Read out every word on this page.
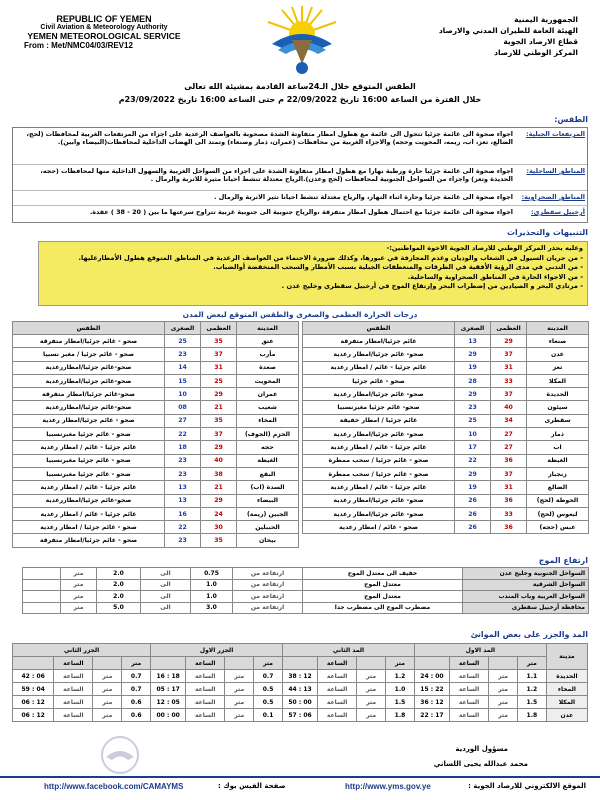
REPUBLIC OF YEMEN
Civil Aviation & Meteorology Authority
YEMEN METEOROLOGICAL SERVICE
From : Met/NMC04/03/REV12
الجمهورية اليمنية
الهيئة العامة للطيران المدني والارصاد
قطاع الارصاد الجوية
المركز الوطني للارصاد
الطقس المتوقع خلال الـ24ساعة القادمة بمشيئة الله تعالى
خلال الفترة من الساعة 16:00 تاريخ 22/09/2022 م حتى الساعة 16:00 تاريخ 23/09/2022م
الطقس:
المرتفعات الجبلية:
اجواء صحوة الى غائمة جزئيا تتحول الى غائمة مع هطول امطار متفاوتة الشدة مصحوبة بالعواصف الرعدية على اجزاء من المرتفعات الغربية لمحافظات (لحج، الضالع، تعز، اب، ريمه، المحويت وحجه) والاجزاء الغربية من محافظات (عمران، ذمار وصنعاء) وتمتد الى الهضاب الداخلية لمحافظات(البيضاء وابين).
المناطق الساحلية:
اجواء صحوة الى غائمة جزئيا حارة ورطبة نهارا مع هطول امطار متفاوتة الشدة على اجزاء من السواحل الغربية والسهول الداخلية منها لمحافظات (حجه، الحديدة وتعز) واجزاء من السواحل الجنوبية لمحافظات (لحج وعدن).الرياح معتدلة تنشط احيانا مثيرة للاتربة والرمال .
المناطق الصحراوية:
اجواء صحوة الى غائمة جزئيا وحارة اثناء النهار، والرياح معتدلة تنشط احيانا تثير الاتربة والرمال .
أرخبيل سقطرى:
اجواء صحوة الى غائمة جزئيا مع احتمال هطول امطار متفرقة ،والرياح جنوبية الى جنوبية غربية تتراوح سرعتها ما بين ( 20 - 38 ) عقدة.
التنبيهات والتحذيرات
وعليه يحذر المركز الوطني للارصاد الجوية الاخوة المواطنين:-
- من جريان السيول في الشعاب والوديان وعدم المجازفة في عبورها، وكذلك ضرورة الاحتماء من العواصف الرعدية في المناطق المتوقع هطول الأمطارعليها.
- من التدني في مدى الرؤية الأفقية في الطرقات والمنعطفات الجبلية بسبب الأمطار والسحب المنخفضة أوالضباب.
- من الاجواء الحارة في المناطق الصحراوية والساحلية.
- مرتادي البحر و الصيادين من إضطراب البحر وإرتفاع الموج في أرخبيل سقطرى وخليج عدن .
درجات الحرارة العظمى والصغرى والطقس المتوقع لبعض المدن
المدينة	العظمى	الصغرى	الطقس
صنعاء	29	13	غائم جزئيا/امطار متفرقة
عدن	37	29	صحو- غائم جزئيا/امطار رعدية
تعز	31	19	غائم جزئيا - غائم / امطار رعدية
المكلا	33	28	صحو - غائم جزئيا
الحديدة	37	29	صحو- غائم جزئيا/امطار رعدية
سيئون	40	23	صحو- غائم جزئيا مغبرنسبيا
سقطرى	34	25	غائم جزئيا / امطار خفيفة
ذمار	27	10	صحو- غائم جزئيا/امطار رعدية
اب	27	17	غائم جزئيا - غائم / امطار رعدية
الغيظة	36	22	صحو - غائم جزئيا / سحب ممطرة
زنجبار	37	29	صحو - غائم جزئيا / سحب ممطرة
الضالع	31	19	غائم جزئيا - غائم / امطار رعدية
الحوطة (لحج)	36	26	صحو- غائم جزئيا/امطار رعدية
لبعوس (لحج)	33	26	صحو- غائم جزئيا/امطار رعدية
عبس (حجه)	36	26	صحو - غائم / امطار رعدية
المدينة	العظمى	الصغرى	الطقس
عتق	35	25	صحو - غائم جزئيا/امطار متفرقة
مأرب	37	23	صحو - غائم جزئيا / مغبر نسبيا
صعدة	31	14	صحو-غائم جزئيا/امطاررعدية
المحويت	25	15	صحو-غائم جزئيا/امطاررعدية
عمران	29	10	صحو-غائم جزئيا/امطار متفرقة
شعيب	21	08	صحو-غائم جزئيا/امطاررعدية
المخاء	35	27	صحو - غائم جزئيا/امطار رعدية
الحزم (الجوف)	37	22	صحو - غائم جزئيا مغبرنسبيا
حجه	29	18	غائم جزئيا - غائم / امطار رعدية
الغيظة	40	23	صحو - غائم جزئيا مغبرنسبيا
البقع	38	23	صحو - غائم جزئيا مغبرنسبيا
السدة (اب)	21	13	غائم جزئيا - غائم / امطار رعدية
البيضاء	29	13	صحو-غائم جزئيا/امطاررعدية
الجبين (ريمة)	24	16	غائم جزئيا - غائم / امطار رعدية
الحبيلين	30	22	صحو - غائم جزئيا / امطار رعدية
بيحان	35	23	صحو - غائم جزئيا/امطار متفرقة
ارتفاع الموج
السواحل الجنوبية وخليج عدن	خفيف الى معتدل الموج	ارتفاعة من	0.75	الى	2.0	متر	
السواحل الشرقية	معتدل الموج	ارتفاعة من	1.0	الى	2.0	متر	
السواحل الغربية وباب المندب	معتدل الموج	ارتفاعة من	1.0	الى	2.0	متر	
محافظة أرخبيل سقطرى	مضطرب الموج الى مضطرب جدا	ارتفاعة من	3.0	الى	5.0	متر	
المد والجزر على بعض الموانئ
مدينة	المد الاول				المد الثاني				الجزر الاول				الجزر الثاني			
	متر		الساعة		متر		الساعة		متر		الساعة		متر		الساعة	
الحديدة	1.1	متر	الساعة	00 : 24	1.2	متر	الساعة	12 : 38	0.7	متر	الساعة	18 : 16	0.7	متر	الساعة	06 : 42
المخاء	1.2	متر	الساعة	22 : 15	1.0	متر	الساعة	13 : 44	0.5	متر	الساعة	17 : 05	0.7	متر	الساعة	04 : 59
المكلا	1.5	متر	الساعة	12 : 36	1.5	متر	الساعة	00 : 50	0.5	متر	الساعة	05 : 12	0.6	متر	الساعة	12 : 06
عدن	1.8	متر	الساعة	17 : 22	1.8	متر	الساعة	06 : 57	0.1	متر	الساعة	00 : 00	0.6	متر	الساعة	12 : 06
مسؤول الوردية
محمد عبدالله يحيى اللساني
الموقع الالكتروني للارصاد الجوية :
http://www.yms.gov.ye
صفحة الفيس بوك :
http://www.facebook.com/CAMAYMS
